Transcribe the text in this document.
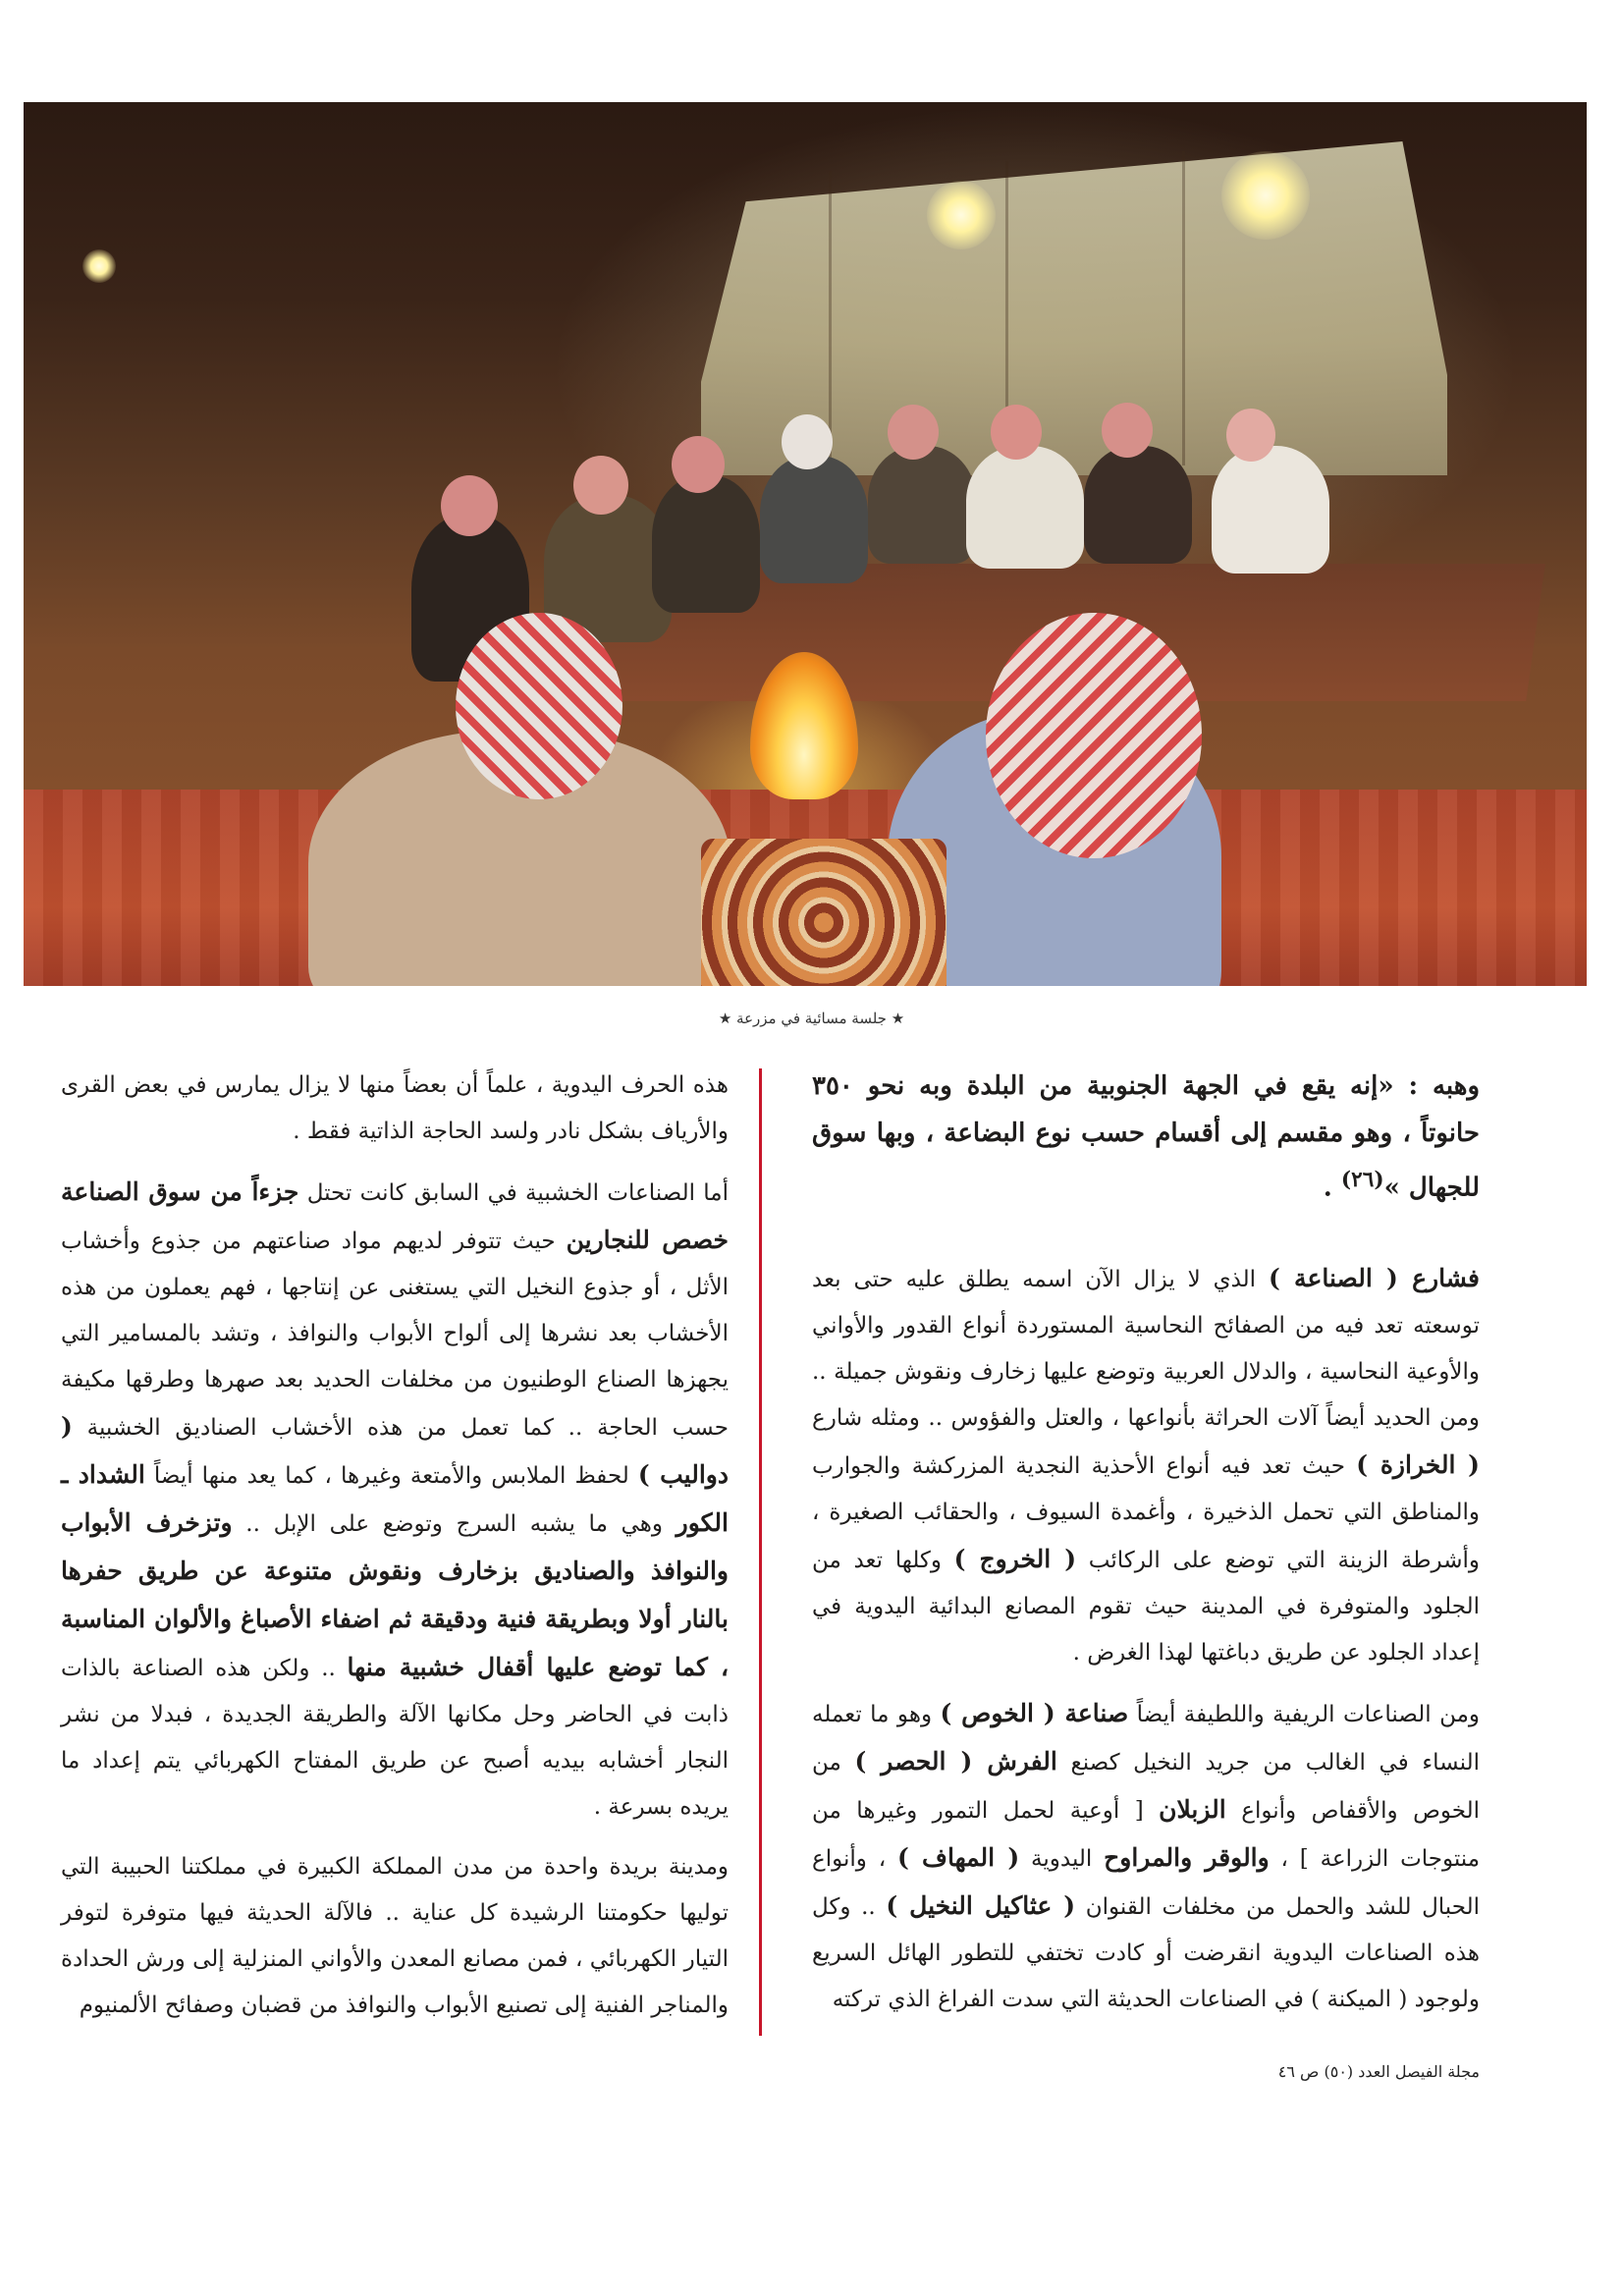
★ جلسة مسائية في مزرعة ★

وهبه : «إنه يقع في الجهة الجنوبية من البلدة وبه نحو ٣٥٠ حانوتاً ، وهو مقسم إلى أقسام حسب نوع البضاعة ، وبها سوق للجهال »$^{(٢٦)}$ .

فشارع ( الصناعة ) الذي لا يزال الآن اسمه يطلق عليه حتى بعد توسعته تعد فيه من الصفائح النحاسية المستوردة أنواع القدور والأواني والأوعية النحاسية ، والدلال العربية وتوضع عليها زخارف ونقوش جميلة .. ومن الحديد أيضاً آلات الحراثة بأنواعها ، والعتل والفؤوس .. ومثله شارع ( الخرازة ) حيث تعد فيه أنواع الأحذية النجدية المزركشة والجوارب والمناطق التي تحمل الذخيرة ، وأغمدة السيوف ، والحقائب الصغيرة ، وأشرطة الزينة التي توضع على الركائب ( الخروج ) وكلها تعد من الجلود والمتوفرة في المدينة حيث تقوم المصانع البدائية اليدوية في إعداد الجلود عن طريق دباغتها لهذا الغرض .

ومن الصناعات الريفية واللطيفة أيضاً صناعة ( الخوص ) وهو ما تعمله النساء في الغالب من جريد النخيل كصنع الفرش ( الحصر ) من الخوص والأقفاص وأنواع الزبلان [ أوعية لحمل التمور وغيرها من منتوجات الزراعة ] ، والوقر والمراوح اليدوية ( المهاف ) ، وأنواع الحبال للشد والحمل من مخلفات القنوان ( عثاكيل النخيل ) .. وكل هذه الصناعات اليدوية انقرضت أو كادت تختفي للتطور الهائل السريع ولوجود ( الميكنة ) في الصناعات الحديثة التي سدت الفراغ الذي تركته

هذه الحرف اليدوية ، علماً أن بعضاً منها لا يزال يمارس في بعض القرى والأرياف بشكل نادر ولسد الحاجة الذاتية فقط .

أما الصناعات الخشبية في السابق كانت تحتل جزءاً من سوق الصناعة خصص للنجارين حيث تتوفر لديهم مواد صناعتهم من جذوع وأخشاب الأثل ، أو جذوع النخيل التي يستغنى عن إنتاجها ، فهم يعملون من هذه الأخشاب بعد نشرها إلى ألواح الأبواب والنوافذ ، وتشد بالمسامير التي يجهزها الصناع الوطنيون من مخلفات الحديد بعد صهرها وطرقها مكيفة حسب الحاجة .. كما تعمل من هذه الأخشاب الصناديق الخشبية ( دواليب ) لحفظ الملابس والأمتعة وغيرها ، كما يعد منها أيضاً الشداد ـ الكور وهي ما يشبه السرج وتوضع على الإبل .. وتزخرف الأبواب والنوافذ والصناديق بزخارف ونقوش متنوعة عن طريق حفرها بالنار أولا وبطريقة فنية ودقيقة ثم اضفاء الأصباغ والألوان المناسبة ، كما توضع عليها أقفال خشبية منها .. ولكن هذه الصناعة بالذات ذابت في الحاضر وحل مكانها الآلة والطريقة الجديدة ، فبدلا من نشر النجار أخشابه بيديه أصبح عن طريق المفتاح الكهربائي يتم إعداد ما يريده بسرعة .

ومدينة بريدة واحدة من مدن المملكة الكبيرة في مملكتنا الحبيبة التي توليها حكومتنا الرشيدة كل عناية .. فالآلة الحديثة فيها متوفرة لتوفر التيار الكهربائي ، فمن مصانع المعدن والأواني المنزلية إلى ورش الحدادة والمناجر الفنية إلى تصنيع الأبواب والنوافذ من قضبان وصفائح الألمنيوم

مجلة الفيصل العدد (٥٠) ص ٤٦
